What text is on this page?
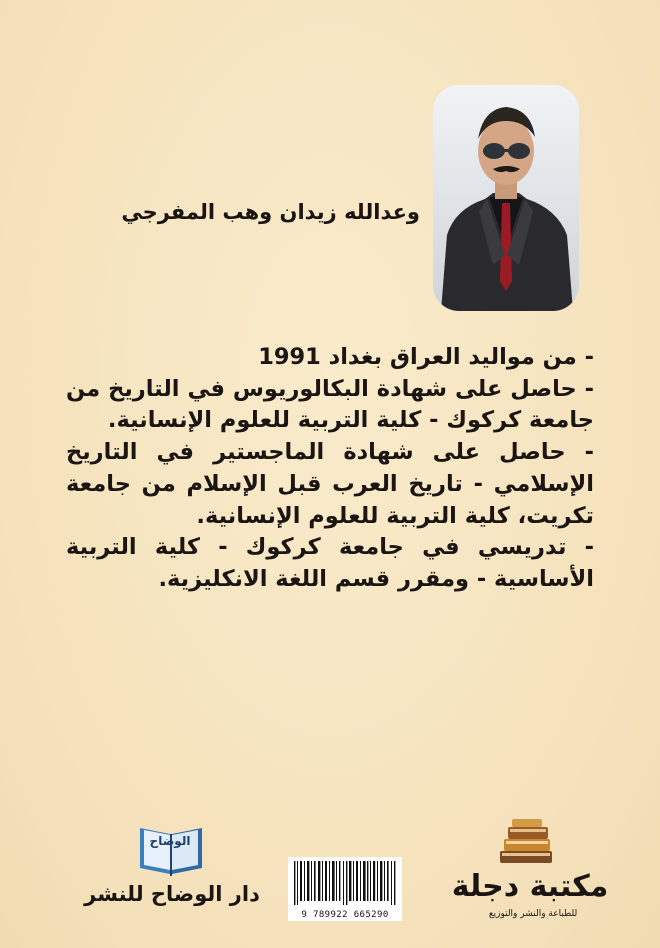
وعدالله زيدان وهب المفرجي

- من مواليد العراق بغداد 1991

- حاصل على شهادة البكالوريوس في التاريخ من جامعة كركوك - كلية التربية للعلوم الإنسانية.

- حاصل على شهادة الماجستير في التاريخ الإسلامي - تاريخ العرب قبل الإسلام من جامعة تكريت، كلية التربية للعلوم الإنسانية.

- تدريسي في جامعة كركوك - كلية التربية الأساسية - ومقرر قسم اللغة الانكليزية.

الوضاح
دار الوضاح للنشر
9 789922 665290
مكتبة دجلة
للطباعة والنشر والتوزيع
